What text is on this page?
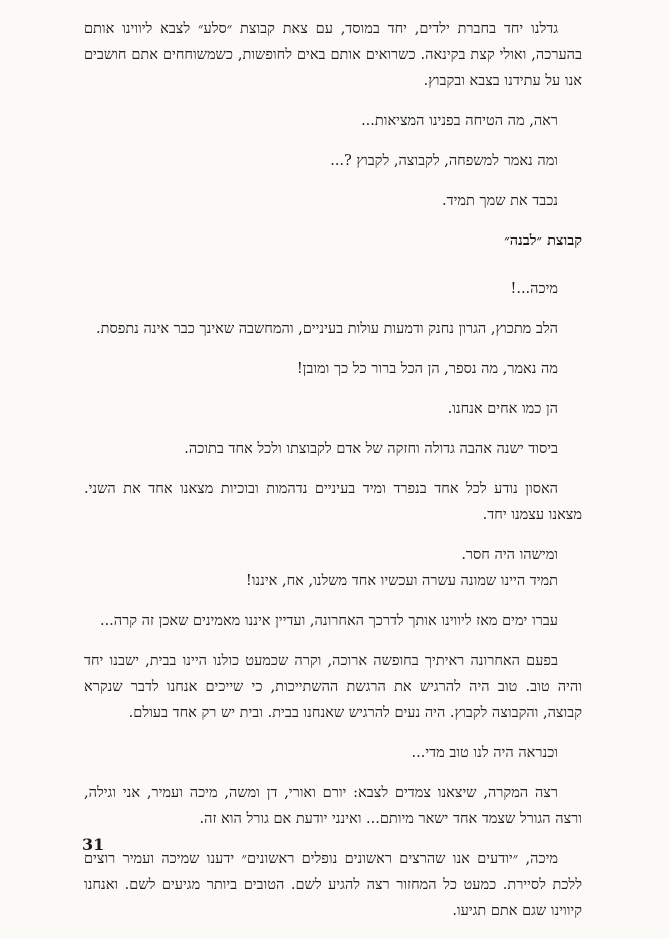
גדלנו יחד בחברת ילדים, יחד במוסד, עם צאת קבוצת ״סלע״ לצבא ליווינו אותם בהערכה, ואולי קצת בקינאה. כשרואים אותם באים לחופשות, כשמשוחחים אתם חושבים אנו על עתידנו בצבא ובקבוץ.

ראה, מה הטיחה בפנינו המציאות...

ומה נאמר למשפחה, לקבוצה, לקבוץ ?...

נכבד את שמך תמיד.

קבוצת ״לבנה״

מיכה...!

הלב מתכוץ, הגרון נחנק ודמעות עולות בעיניים, והמחשבה שאינך כבר אינה נתפסת.

מה נאמר, מה נספר, הן הכל ברור כל כך ומובן!

הן כמו אחים אנחנו.

ביסוד ישנה אהבה גדולה וחזקה של אדם לקבוצתו ולכל אחד בתוכה.

האסון נודע לכל אחד בנפרד ומיד בעיניים נדהמות ובוכיות מצאנו אחד את השני. מצאנו עצמנו יחד.

ומישהו היה חסר.

תמיד היינו שמונה עשרה ועכשיו אחד משלנו, אח, איננו!

עברו ימים מאז ליווינו אותך לדרכך האחרונה, ועדיין איננו מאמינים שאכן זה קרה...

בפעם האחרונה ראיתיך בחופשה ארוכה, וקרה שכמעט כולנו היינו בבית, ישבנו יחד והיה טוב. טוב היה להרגיש את הרגשת ההשתייכות, כי שייכים אנחנו לדבר שנקרא קבוצה, והקבוצה לקבוץ. היה נעים להרגיש שאנחנו בבית. ובית יש רק אחד בעולם.

וכנראה היה לנו טוב מדי...

רצה המקרה, שיצאנו צמדים לצבא: יורם ואורי, דן ומשה, מיכה ועמיר, אני וגילה, ורצה הגורל שצמד אחד ישאר מיותם... ואינני יודעת אם גורל הוא זה.

מיכה, ״יודעים אנו שהרצים ראשונים נופלים ראשונים״ ידענו שמיכה ועמיר רוצים ללכת לסיירת. כמעט כל המחזור רצה להגיע לשם. הטובים ביותר מגיעים לשם. ואנחנו קיווינו שגם אתם תגיעו.

31
